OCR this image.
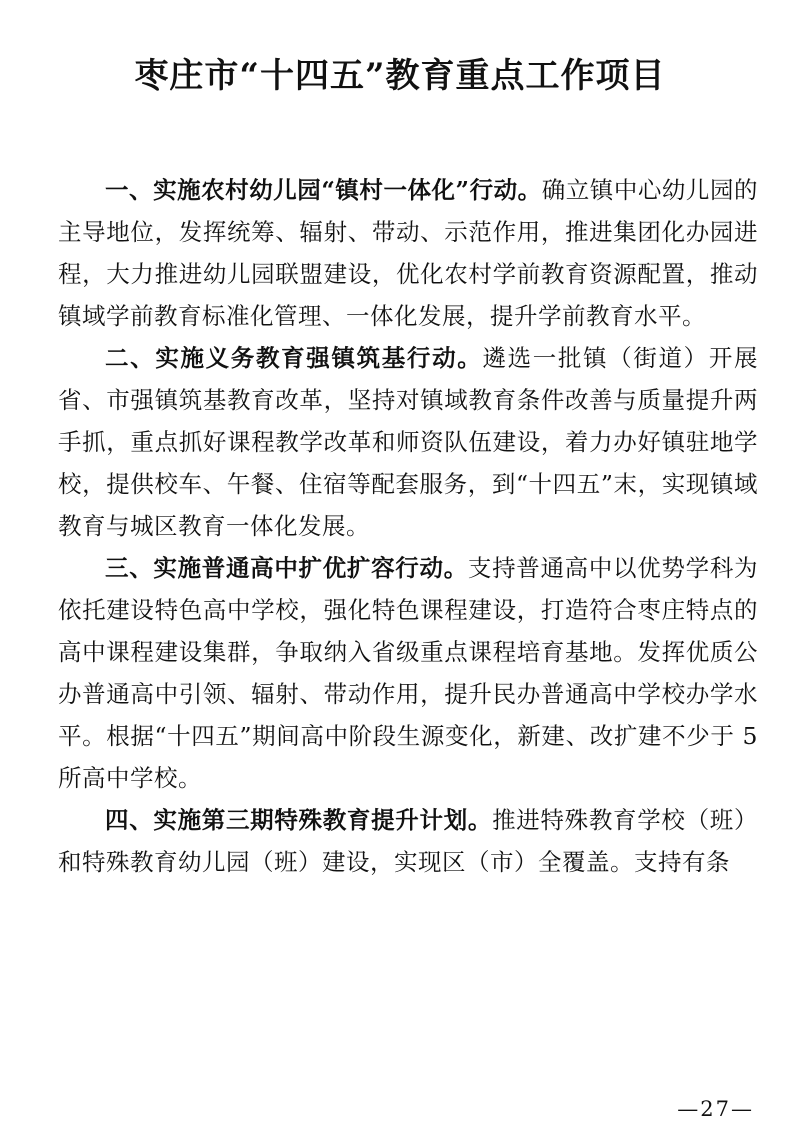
枣庄市“十四五”教育重点工作项目

一、实施农村幼儿园“镇村一体化”行动。确立镇中心幼儿园的主导地位，发挥统筹、辐射、带动、示范作用，推进集团化办园进程，大力推进幼儿园联盟建设，优化农村学前教育资源配置，推动镇域学前教育标准化管理、一体化发展，提升学前教育水平。

二、实施义务教育强镇筑基行动。遴选一批镇（街道）开展省、市强镇筑基教育改革，坚持对镇域教育条件改善与质量提升两手抓，重点抓好课程教学改革和师资队伍建设，着力办好镇驻地学校，提供校车、午餐、住宿等配套服务，到“十四五”末，实现镇域教育与城区教育一体化发展。

三、实施普通高中扩优扩容行动。支持普通高中以优势学科为依托建设特色高中学校，强化特色课程建设，打造符合枣庄特点的高中课程建设集群，争取纳入省级重点课程培育基地。发挥优质公办普通高中引领、辐射、带动作用，提升民办普通高中学校办学水平。根据“十四五”期间高中阶段生源变化，新建、改扩建不少于 5 所高中学校。

四、实施第三期特殊教育提升计划。推进特殊教育学校（班）和特殊教育幼儿园（班）建设，实现区（市）全覆盖。支持有条

—27—
